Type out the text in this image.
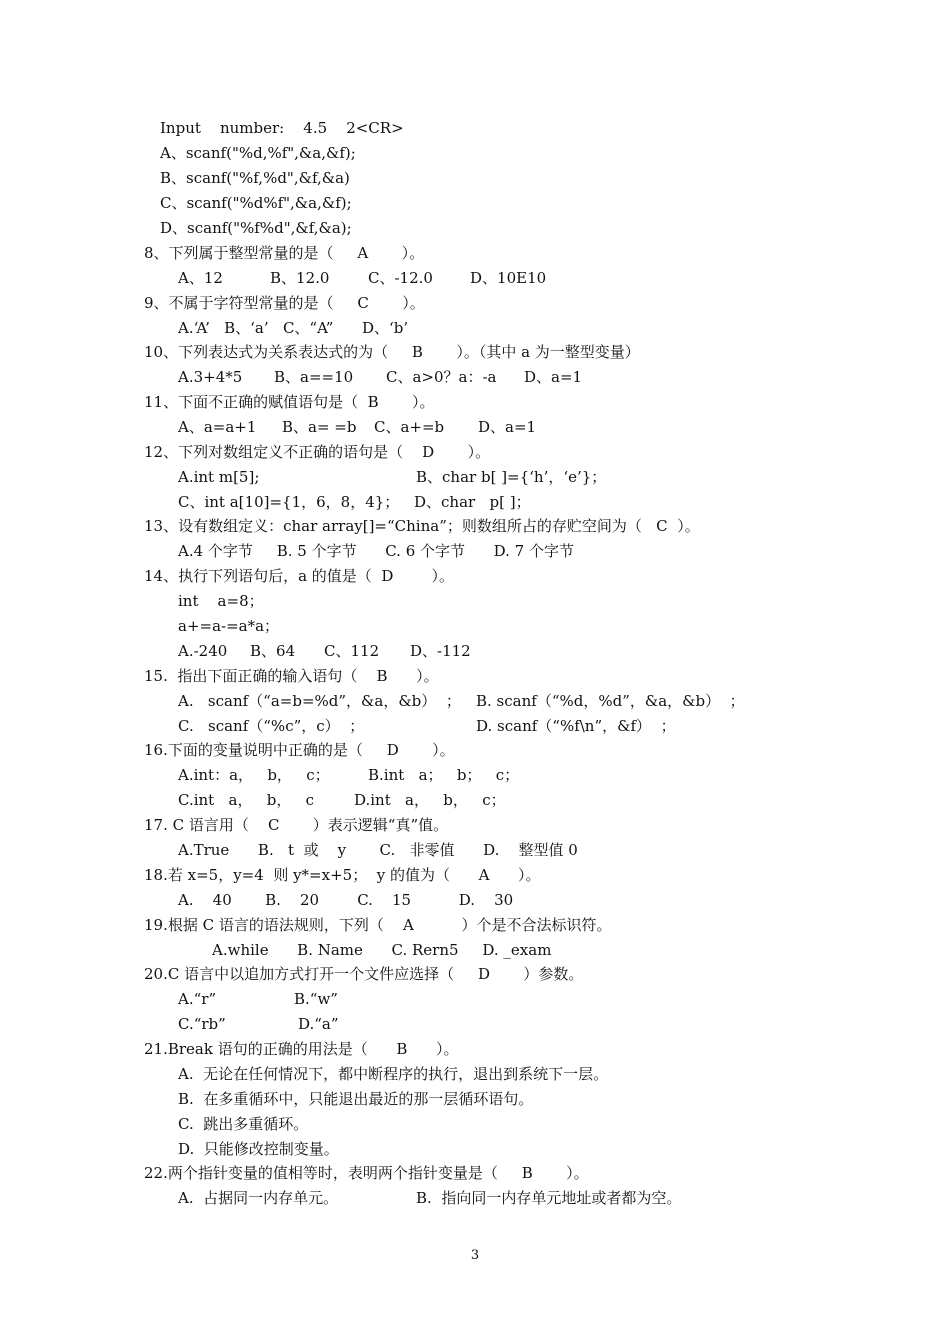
Input    number:    4.5    2<CR>
A、scanf("%d,%f",&a,&f);
B、scanf("%f,%d",&f,&a)
C、scanf("%d%f",&a,&f);
D、scanf("%f%d",&f,&a);
8、下列属于整型常量的是（     A       ）。
A、12	B、12.0	C、-12.0 D、10E10
9、不属于字符型常量的是（     C       ）。
A.‘A’   B、‘a’   C、“A”      D、‘b’
10、下列表达式为关系表达式的为（     B       ）。（其中 a 为一整型变量）
A.3+4*5 B、a==10 C、a>0？a：-a D、a=1
11、下面不正确的赋值语句是（  B       ）。
A、a=a+1 B、a= =b C、a+=b D、a=1
12、下列对数组定义不正确的语句是（    D       ）。
A.int m[5];	B、char b[ ]={‘h’，‘e’}；
C、int a[10]={1，6，8，4}； D、char   p[ ]；
13、设有数组定义：char array[]=“China”；则数组所占的存贮空间为（   C  ）。
A.4 个字节     B. 5 个字节      C. 6 个字节      D. 7 个字节
14、执行下列语句后，a 的值是（  D        ）。
int    a=8；
a+=a-=a*a；
A.-240 B、64 C、112 D、-112
15.  指出下面正确的输入语句（    B      ）。
A.   scanf（“a=b=%d”，&a，&b）  ； B. scanf（“%d，%d”，&a，&b）  ；
C.   scanf（“%c”，c）  ；	D. scanf（“%f\n”，&f）  ；
16.下面的变量说明中正确的是（     D       ）。
A.int：a，   b，   c；	B.int   a；   b；   c；
C.int   a，   b，   c	D.int   a，   b，   c；
17. C 语言用（    C       ）表示逻辑“真”值。
A.True      B.   t  或    y       C.   非零值      D.    整型值 0
18.若 x=5，y=4  则 y*=x+5；  y 的值为（      A      ）。
A.    40       B.    20        C.    15          D.    30
19.根据 C 语言的语法规则，下列（    A          ）个是不合法标识符。
A.while      B. Name      C. Rern5     D. _exam
20.C 语言中以追加方式打开一个文件应选择（     D       ）参数。
A.“r”	B.“w”
C.“rb”	D.“a”
21.Break 语句的正确的用法是（      B      ）。
A.  无论在任何情况下，都中断程序的执行，退出到系统下一层。
B.  在多重循环中，只能退出最近的那一层循环语句。
C.  跳出多重循环。
D.  只能修改控制变量。
22.两个指针变量的值相等时，表明两个指针变量是（     B       ）。
A.  占据同一内存单元。	B.  指向同一内存单元地址或者都为空。
3
